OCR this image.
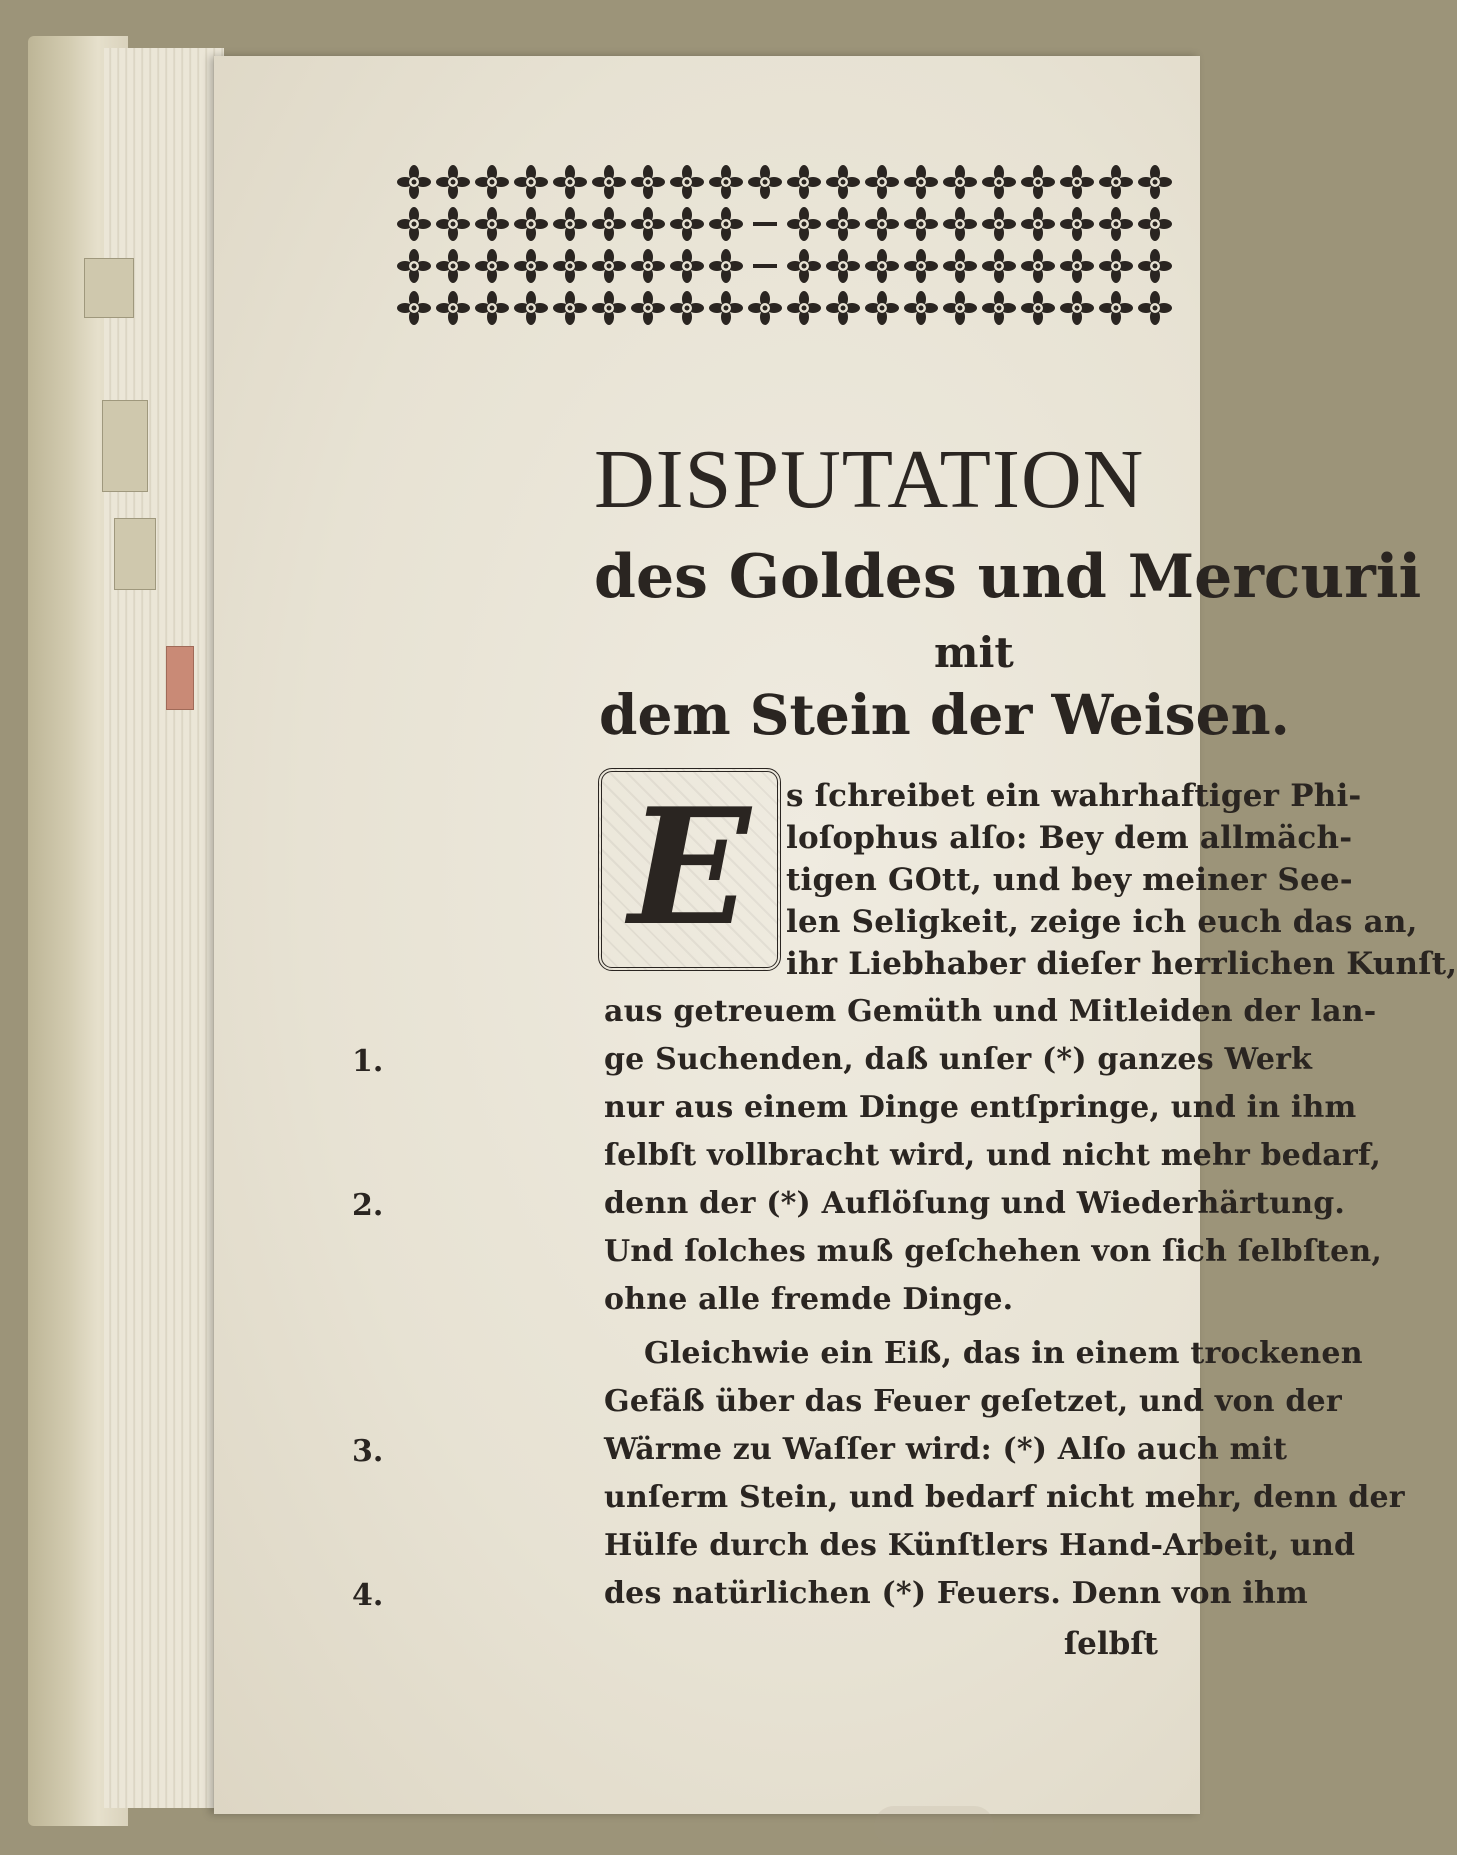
DISPUTATION
des Goldes und Mercurii
mit
dem Stein der Weisen.
E	s ſchreibet ein wahrhaftiger Phi-
loſophus alſo: Bey dem allmäch-
tigen GOtt, und bey meiner See-
len Seligkeit, zeige ich euch das an,
ihr Liebhaber dieſer herrlichen Kunſt,
aus getreuem Gemüth und Mitleiden der lan-
ge Suchenden, daß unſer (*) ganzes Werk
nur aus einem Dinge entſpringe, und in ihm
ſelbſt vollbracht wird, und nicht mehr bedarf,
denn der (*) Auflöſung und Wiederhärtung.
Und ſolches muß geſchehen von ſich ſelbſten,
ohne alle fremde Dinge.
Gleichwie ein Eiß, das in einem trockenen
Gefäß über das Feuer geſetzet, und von der
Wärme zu Waſſer wird: (*) Alſo auch mit
unſerm Stein, und bedarf nicht mehr, denn der
Hülfe durch des Künſtlers Hand-Arbeit, und
des natürlichen (*) Feuers. Denn von ihm
1.
2.
3.
4.
ſelbſt
